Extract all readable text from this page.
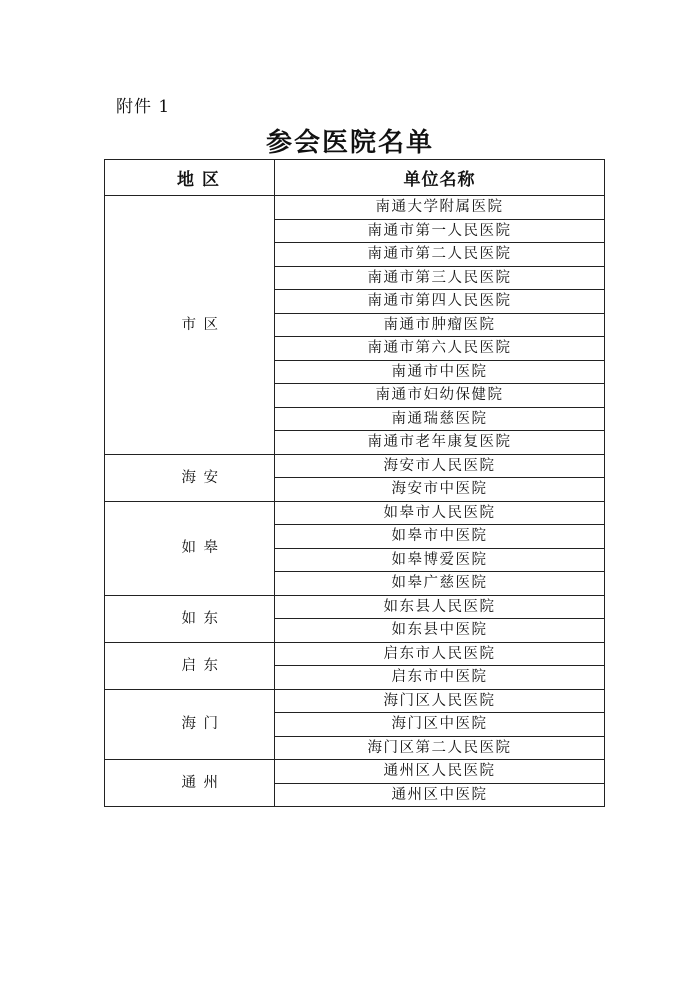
附件 1
参会医院名单
地 区	单位名称
市 区	南通大学附属医院
	南通市第一人民医院
	南通市第二人民医院
	南通市第三人民医院
	南通市第四人民医院
	南通市肿瘤医院
	南通市第六人民医院
	南通市中医院
	南通市妇幼保健院
	南通瑞慈医院
	南通市老年康复医院
海 安	海安市人民医院
	海安市中医院
如 皋	如皋市人民医院
	如皋市中医院
	如皋博爱医院
	如皋广慈医院
如 东	如东县人民医院
	如东县中医院
启 东	启东市人民医院
	启东市中医院
海 门	海门区人民医院
	海门区中医院
	海门区第二人民医院
通 州	通州区人民医院
	通州区中医院
